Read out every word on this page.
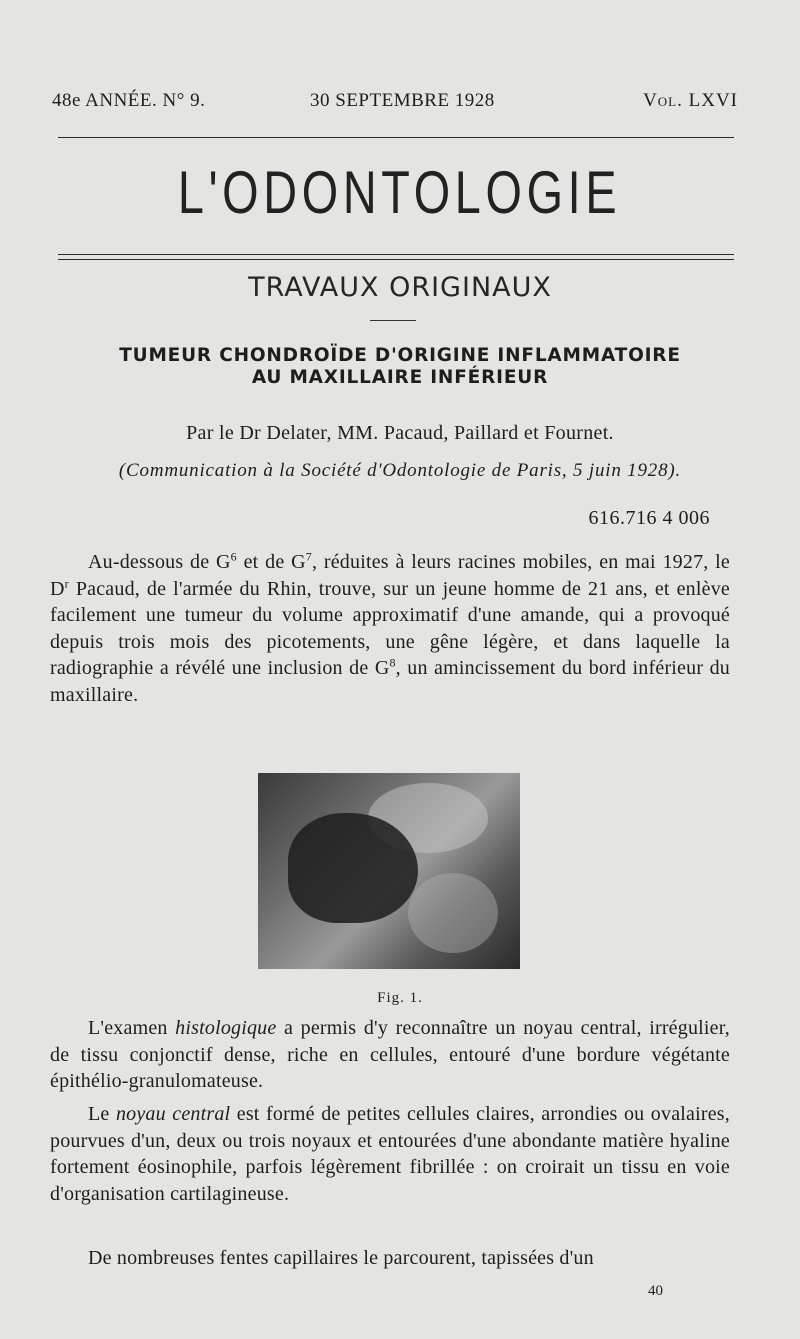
48e ANNÉE. N° 9.	30 SEPTEMBRE 1928	Vol. LXVI
L'ODONTOLOGIE
TRAVAUX ORIGINAUX
TUMEUR CHONDROÏDE D'ORIGINE INFLAMMATOIRE
AU MAXILLAIRE INFÉRIEUR
Par le Dr Delater, MM. Pacaud, Paillard et Fournet.
(Communication à la Société d'Odontologie de Paris, 5 juin 1928).
616.716 4 006
Au-dessous de $G^6$ et de $G^7$, réduites à leurs racines mobiles, en mai 1927, le $D^r$ Pacaud, de l'armée du Rhin, trouve, sur un jeune homme de 21 ans, et enlève facilement une tumeur du volume approximatif d'une amande, qui a provoqué depuis trois mois des picotements, une gêne légère, et dans laquelle la radiographie a révélé une inclusion de $G^8$, un amincissement du bord inférieur du maxillaire.
Fig. 1.
L'examen histologique a permis d'y reconnaître un noyau central, irrégulier, de tissu conjonctif dense, riche en cellules, entouré d'une bordure végétante épithélio-granulomateuse.
Le noyau central est formé de petites cellules claires, arrondies ou ovalaires, pourvues d'un, deux ou trois noyaux et entourées d'une abondante matière hyaline fortement éosinophile, parfois légèrement fibrillée : on croirait un tissu en voie d'organisation cartilagineuse.
De nombreuses fentes capillaires le parcourent, tapissées d'un
40
